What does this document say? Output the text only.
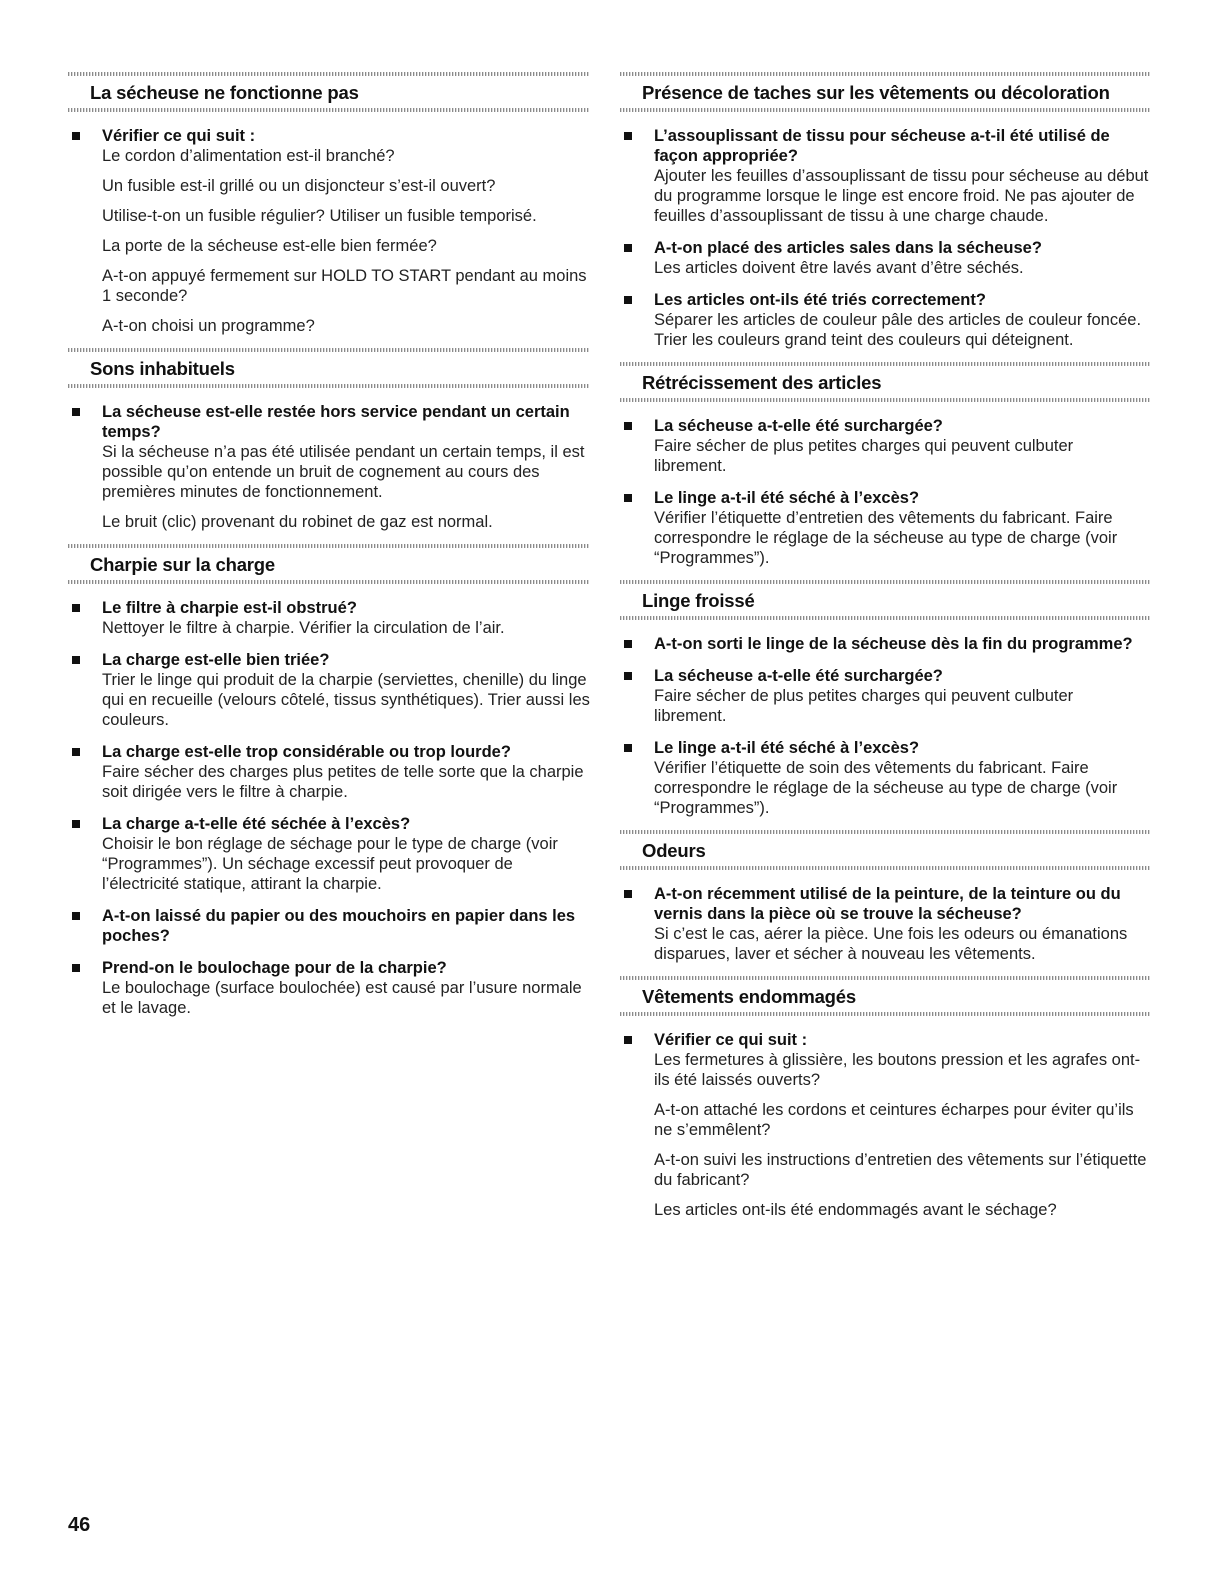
La sécheuse ne fonctionne pas
Vérifier ce qui suit :
Le cordon d’alimentation est-il branché?
Un fusible est-il grillé ou un disjoncteur s’est-il ouvert?
Utilise-t-on un fusible régulier? Utiliser un fusible temporisé.
La porte de la sécheuse est-elle bien fermée?
A-t-on appuyé fermement sur HOLD TO START pendant au moins 1 seconde?
A-t-on choisi un programme?
Sons inhabituels
La sécheuse est-elle restée hors service pendant un certain temps?
Si la sécheuse n’a pas été utilisée pendant un certain temps, il est possible qu’on entende un bruit de cognement au cours des premières minutes de fonctionnement.
Le bruit (clic) provenant du robinet de gaz est normal.
Charpie sur la charge
Le filtre à charpie est-il obstrué?
Nettoyer le filtre à charpie. Vérifier la circulation de l’air.
La charge est-elle bien triée?
Trier le linge qui produit de la charpie (serviettes, chenille) du linge qui en recueille (velours côtelé, tissus synthétiques). Trier aussi les couleurs.
La charge est-elle trop considérable ou trop lourde?
Faire sécher des charges plus petites de telle sorte que la charpie soit dirigée vers le filtre à charpie.
La charge a-t-elle été séchée à l’excès?
Choisir le bon réglage de séchage pour le type de charge (voir “Programmes”). Un séchage excessif peut provoquer de l’électricité statique, attirant la charpie.
A-t-on laissé du papier ou des mouchoirs en papier dans les poches?
Prend-on le boulochage pour de la charpie?
Le boulochage (surface boulochée) est causé par l’usure normale et le lavage.
Présence de taches sur les vêtements ou décoloration
L’assouplissant de tissu pour sécheuse a-t-il été utilisé de façon appropriée?
Ajouter les feuilles d’assouplissant de tissu pour sécheuse au début du programme lorsque le linge est encore froid. Ne pas ajouter de feuilles d’assouplissant de tissu à une charge chaude.
A-t-on placé des articles sales dans la sécheuse?
Les articles doivent être lavés avant d’être séchés.
Les articles ont-ils été triés correctement?
Séparer les articles de couleur pâle des articles de couleur foncée. Trier les couleurs grand teint des couleurs qui déteignent.
Rétrécissement des articles
La sécheuse a-t-elle été surchargée?
Faire sécher de plus petites charges qui peuvent culbuter librement.
Le linge a-t-il été séché à l’excès?
Vérifier l’étiquette d’entretien des vêtements du fabricant. Faire correspondre le réglage de la sécheuse au type de charge (voir “Programmes”).
Linge froissé
A-t-on sorti le linge de la sécheuse dès la fin du programme?
La sécheuse a-t-elle été surchargée?
Faire sécher de plus petites charges qui peuvent culbuter librement.
Le linge a-t-il été séché à l’excès?
Vérifier l’étiquette de soin des vêtements du fabricant. Faire correspondre le réglage de la sécheuse au type de charge (voir “Programmes”).
Odeurs
A-t-on récemment utilisé de la peinture, de la teinture ou du vernis dans la pièce où se trouve la sécheuse?
Si c’est le cas, aérer la pièce. Une fois les odeurs ou émanations disparues, laver et sécher à nouveau les vêtements.
Vêtements endommagés
Vérifier ce qui suit :
Les fermetures à glissière, les boutons pression et les agrafes ont-ils été laissés ouverts?
A-t-on attaché les cordons et ceintures écharpes pour éviter qu’ils ne s’emmêlent?
A-t-on suivi les instructions d’entretien des vêtements sur l’étiquette du fabricant?
Les articles ont-ils été endommagés avant le séchage?
46
